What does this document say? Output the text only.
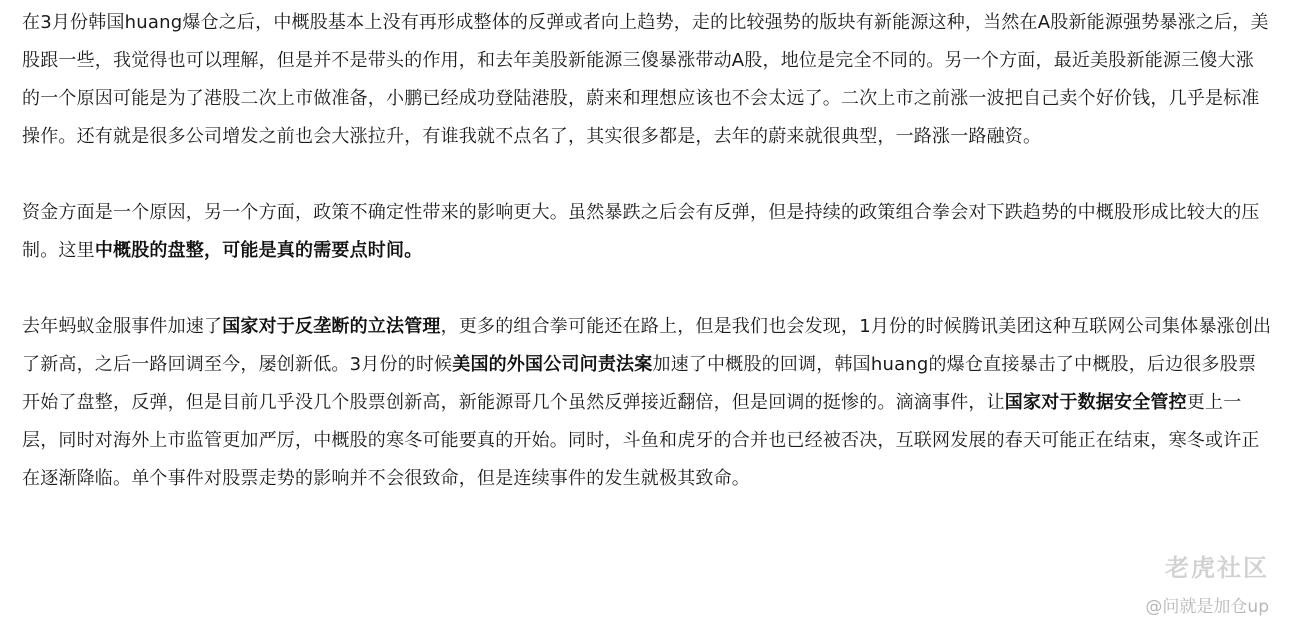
在3月份韩国huang爆仓之后，中概股基本上没有再形成整体的反弹或者向上趋势，走的比较强势的版块有新能源这种，当然在A股新能源强势暴涨之后，美股跟一些，我觉得也可以理解，但是并不是带头的作用，和去年美股新能源三傻暴涨带动A股，地位是完全不同的。另一个方面，最近美股新能源三傻大涨的一个原因可能是为了港股二次上市做准备，小鹏已经成功登陆港股，蔚来和理想应该也不会太远了。二次上市之前涨一波把自己卖个好价钱，几乎是标准操作。还有就是很多公司增发之前也会大涨拉升，有谁我就不点名了，其实很多都是，去年的蔚来就很典型，一路涨一路融资。

资金方面是一个原因，另一个方面，政策不确定性带来的影响更大。虽然暴跌之后会有反弹，但是持续的政策组合拳会对下跌趋势的中概股形成比较大的压制。这里中概股的盘整，可能是真的需要点时间。

去年蚂蚁金服事件加速了国家对于反垄断的立法管理，更多的组合拳可能还在路上，但是我们也会发现，1月份的时候腾讯美团这种互联网公司集体暴涨创出了新高，之后一路回调至今，屡创新低。3月份的时候美国的外国公司问责法案加速了中概股的回调，韩国huang的爆仓直接暴击了中概股，后边很多股票开始了盘整，反弹，但是目前几乎没几个股票创新高，新能源哥几个虽然反弹接近翻倍，但是回调的挺惨的。滴滴事件，让国家对于数据安全管控更上一层，同时对海外上市监管更加严厉，中概股的寒冬可能要真的开始。同时，斗鱼和虎牙的合并也已经被否决，互联网发展的春天可能正在结束，寒冬或许正在逐渐降临。单个事件对股票走势的影响并不会很致命，但是连续事件的发生就极其致命。

老虎社区
@问就是加仓up
